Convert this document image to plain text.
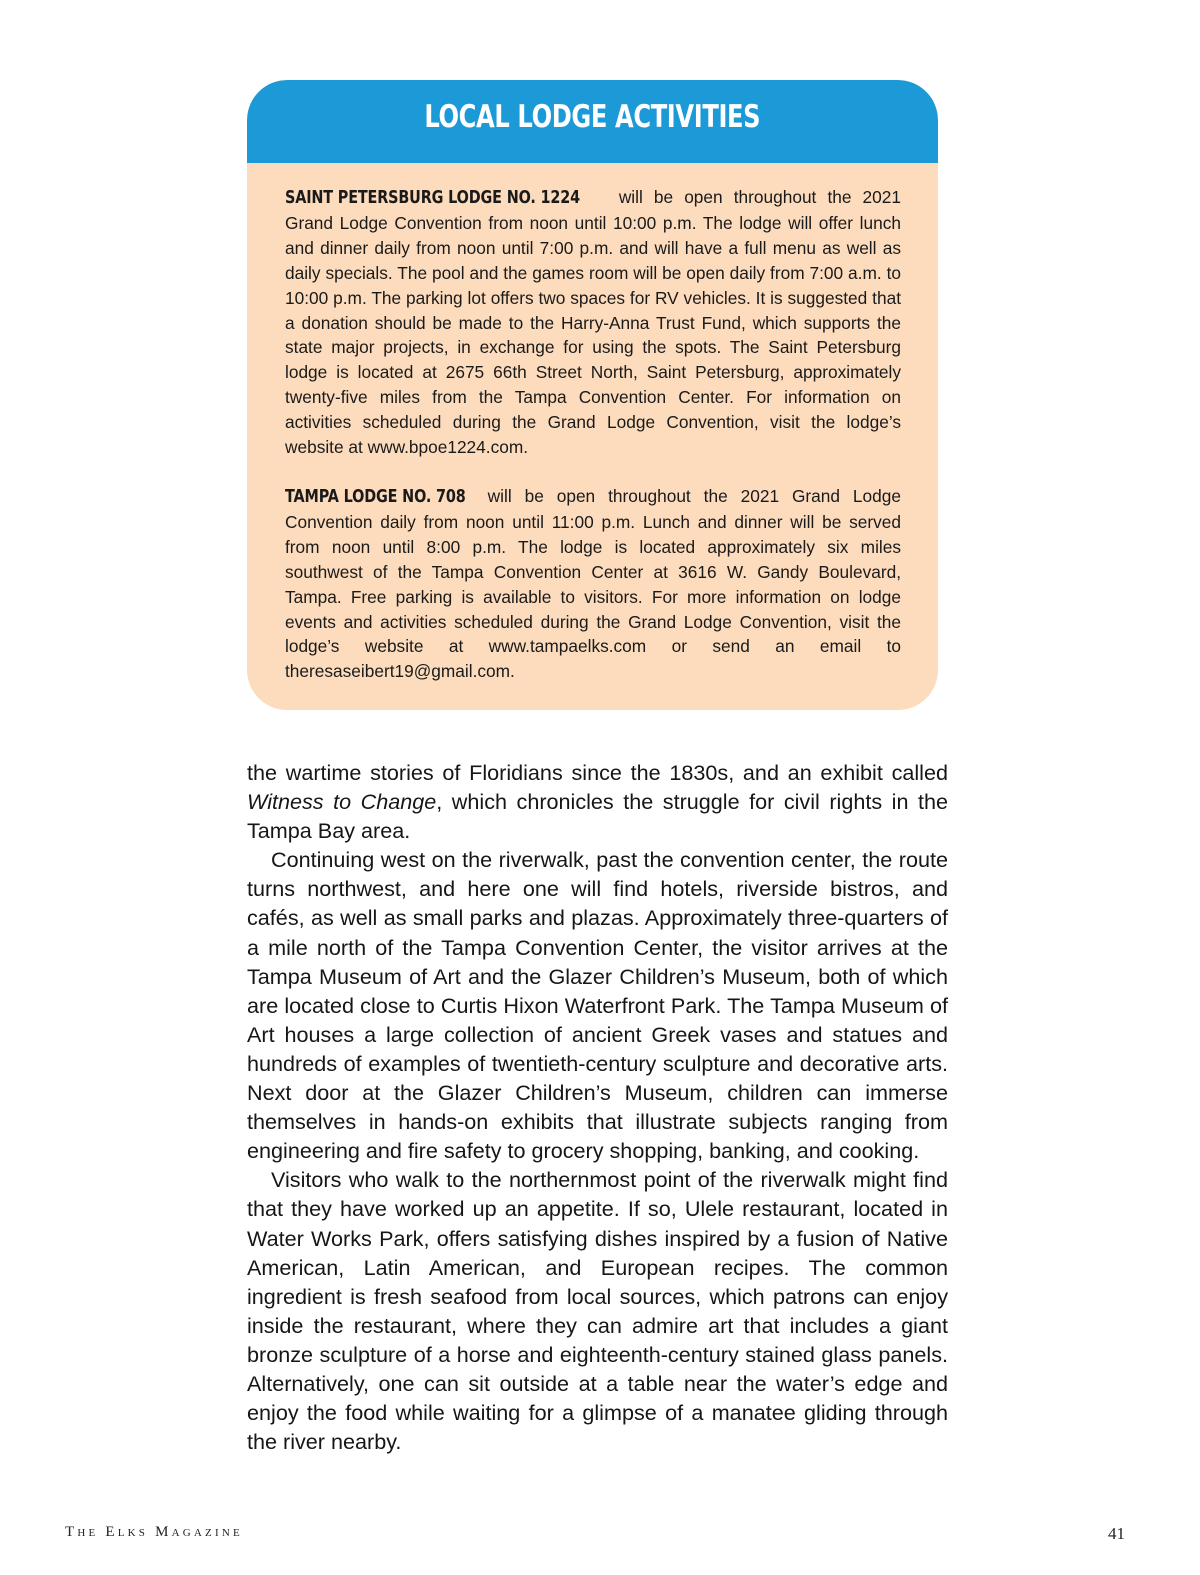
LOCAL LODGE ACTIVITIES

SAINT PETERSBURG LODGE NO. 1224 will be open throughout the 2021 Grand Lodge Convention from noon until 10:00 p.m. The lodge will offer lunch and dinner daily from noon until 7:00 p.m. and will have a full menu as well as daily specials. The pool and the games room will be open daily from 7:00 a.m. to 10:00 p.m. The parking lot offers two spaces for RV vehicles. It is suggested that a donation should be made to the Harry-Anna Trust Fund, which supports the state major projects, in exchange for using the spots. The Saint Petersburg lodge is located at 2675 66th Street North, Saint Petersburg, approximately twenty-five miles from the Tampa Convention Center. For information on activities scheduled during the Grand Lodge Convention, visit the lodge’s website at www.bpoe1224.com.

TAMPA LODGE NO. 708 will be open throughout the 2021 Grand Lodge Convention daily from noon until 11:00 p.m. Lunch and dinner will be served from noon until 8:00 p.m. The lodge is located approximately six miles southwest of the Tampa Convention Center at 3616 W. Gandy Boulevard, Tampa. Free parking is available to visitors. For more information on lodge events and activities scheduled during the Grand Lodge Convention, visit the lodge’s website at www.tampaelks.com or send an email to theresaseibert19@gmail.com.

the wartime stories of Floridians since the 1830s, and an exhibit called Witness to Change, which chronicles the struggle for civil rights in the Tampa Bay area.

Continuing west on the riverwalk, past the convention center, the route turns northwest, and here one will find hotels, riverside bistros, and cafés, as well as small parks and plazas. Approximately three-quarters of a mile north of the Tampa Convention Center, the visitor arrives at the Tampa Museum of Art and the Glazer Children’s Museum, both of which are located close to Curtis Hixon Waterfront Park. The Tampa Museum of Art houses a large collection of ancient Greek vases and statues and hundreds of examples of twentieth-century sculpture and decorative arts. Next door at the Glazer Children’s Museum, children can immerse themselves in hands-on exhibits that illustrate subjects ranging from engineering and fire safety to grocery shopping, banking, and cooking.

Visitors who walk to the northernmost point of the riverwalk might find that they have worked up an appetite. If so, Ulele restaurant, located in Water Works Park, offers satisfying dishes inspired by a fusion of Native American, Latin American, and European recipes. The common ingredient is fresh seafood from local sources, which patrons can enjoy inside the restaurant, where they can admire art that includes a giant bronze sculpture of a horse and eighteenth-century stained glass panels. Alternatively, one can sit outside at a table near the water’s edge and enjoy the food while waiting for a glimpse of a manatee gliding through the river nearby.

The Elks Magazine	41
